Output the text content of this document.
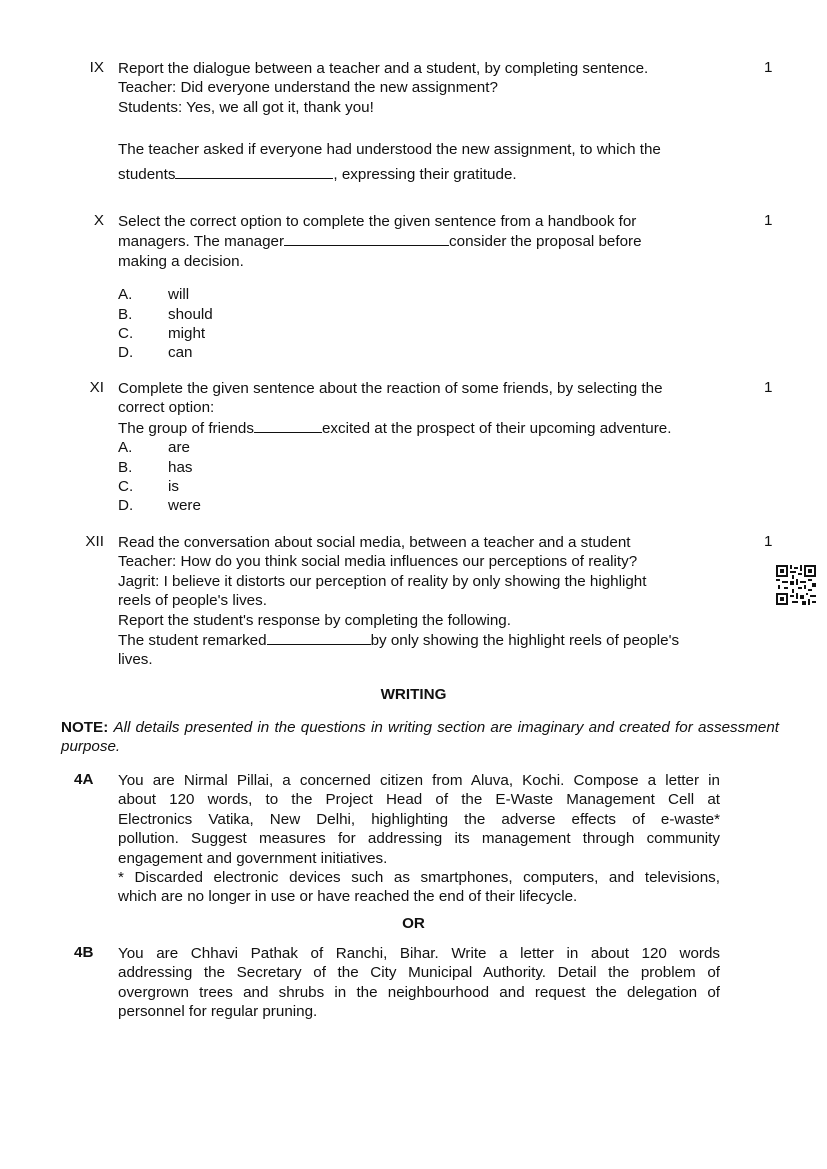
IX Report the dialogue between a teacher and a student, by completing sentence.
Teacher: Did everyone understand the new assignment?
Students: Yes, we all got it, thank you!
The teacher asked if everyone had understood the new assignment, to which the
students	, expressing their gratitude.
1
X Select the correct option to complete the given sentence from a handbook for
managers. The manager	consider the proposal before
making a decision.
A. will
B. should
C. might
D. can
1
XI Complete the given sentence about the reaction of some friends, by selecting the
correct option:
The group of friends	excited at the prospect of their upcoming adventure.
A. are
B. has
C. is
D. were
1
XII Read the conversation about social media, between a teacher and a student
Teacher: How do you think social media influences our perceptions of reality?
Jagrit: I believe it distorts our perception of reality by only showing the highlight
reels of people's lives.
Report the student's response by completing the following.
The student remarked	by only showing the highlight reels of people's
lives.
1
WRITING
NOTE: All details presented in the questions in writing section are imaginary and created for assessment purpose.
4A You are Nirmal Pillai, a concerned citizen from Aluva, Kochi. Compose a letter in
about 120 words, to the Project Head of the E-Waste Management Cell at
Electronics Vatika, New Delhi, highlighting the adverse effects of e-waste*
pollution. Suggest measures for addressing its management through community
engagement and government initiatives.
* Discarded electronic devices such as smartphones, computers, and televisions,
which are no longer in use or have reached the end of their lifecycle.
OR
4B You are Chhavi Pathak of Ranchi, Bihar. Write a letter in about 120 words
addressing the Secretary of the City Municipal Authority. Detail the problem of
overgrown trees and shrubs in the neighbourhood and request the delegation of
personnel for regular pruning.
